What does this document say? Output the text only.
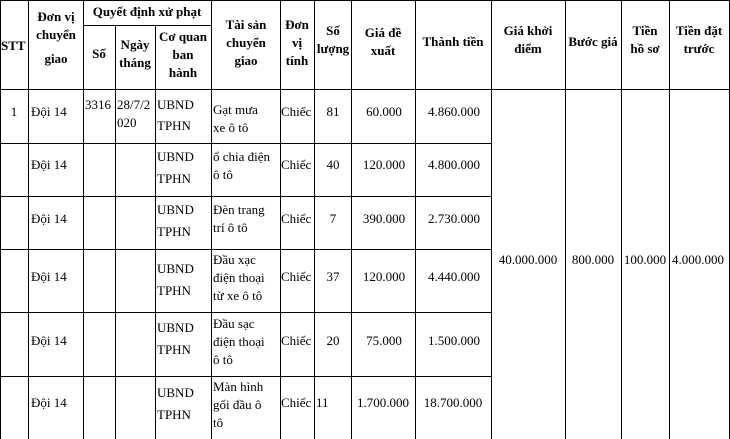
STT
Đơn vị
chuyển
giao
Quyết định xử phạt
Số
Ngày
tháng
Cơ quan
ban
hành
Tài sản
chuyển
giao
Đơn
vị
tính
Số
lượng
Giá đề
xuất
Thành tiền
Giá khởi
điểm Bước giá
Tiền
hồ sơ
Tiền đặt
trước
1 Đội 14 3316 28/7/2
020
UBND
TPHN
Gạt mưa
xe ô tô
Chiếc 81 60.000 4.860.000
Đội 14
UBND
TPHN
ổ chia điện
ô tô
Chiếc 40 120.000 4.800.000
Đội 14
UBND
TPHN
Đèn trang
trí ô tô
Chiếc 7 390.000 2.730.000
Đội 14
UBND
TPHN
Đầu xạc
điện thoại
từ xe ô tô
Chiếc 37 120.000 4.440.000
Đội 14
UBND
TPHN
Đầu sạc
điện thoại
ô tô
Chiếc 20 75.000 1.500.000
Đội 14
UBND
TPHN
Màn hình
gối đầu ô
tô
Chiếc 11 1.700.000 18.700.000
40.000.000 800.000 100.000 4.000.000
